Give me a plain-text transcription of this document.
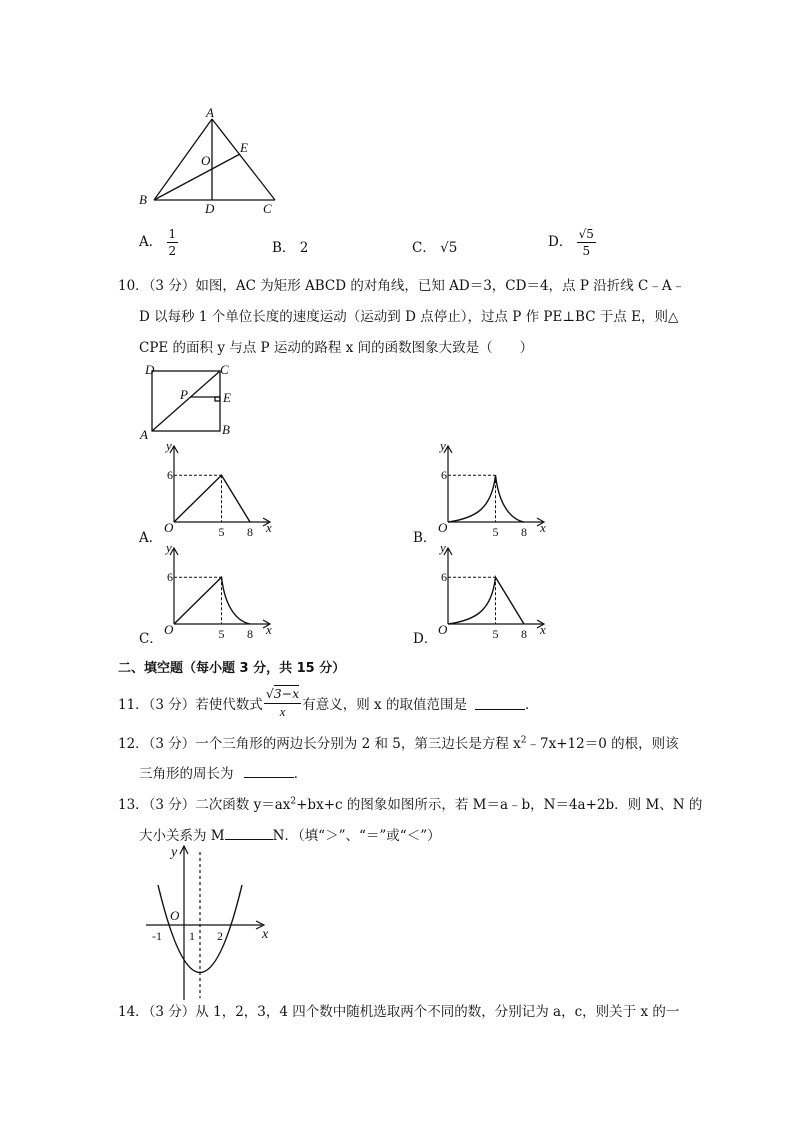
A
B
C
D
E
O
A． $\frac{1}{2}$	B． 2	C． √5	D． $\frac{√5}{5}$
10．（3 分）如图，AC 为矩形 ABCD 的对角线，已知 AD＝3，CD＝4，点 P 沿折线 C﹣A﹣
D 以每秒 1 个单位长度的速度运动（运动到 D 点停止），过点 P 作 PE⊥BC 于点 E，则△
CPE 的面积 y 与点 P 运动的路程 x 间的函数图象大致是（　　）
D	C
A	B
P	E
6
5 8
O	x
y
6
5 8
O	x
y
6
5 8
O	x
y
6
5 8
O	x
y
A．	B．
C．	D．
二、填空题（每小题 3 分，共 15 分）
11．（3 分）若使代数式 $\frac{√3-x}{x}$ 有意义，则 x 的取值范围是	．
12．（3 分）一个三角形的两边长分别为 2 和 5，第三边长是方程 $x^2﹣7x+12=0$ 的根，则该
三角形的周长为	．
13．（3 分）二次函数 $y=ax^2+bx+c$ 的图象如图所示，若 M＝a﹣b，N＝4a+2b．则 M、N 的
大小关系为 M	N．（填“＞”、“＝”或“＜”）
y
x
O
-1 1 2
14．（3 分）从 1，2，3，4 四个数中随机选取两个不同的数，分别记为 a，c，则关于 x 的一
